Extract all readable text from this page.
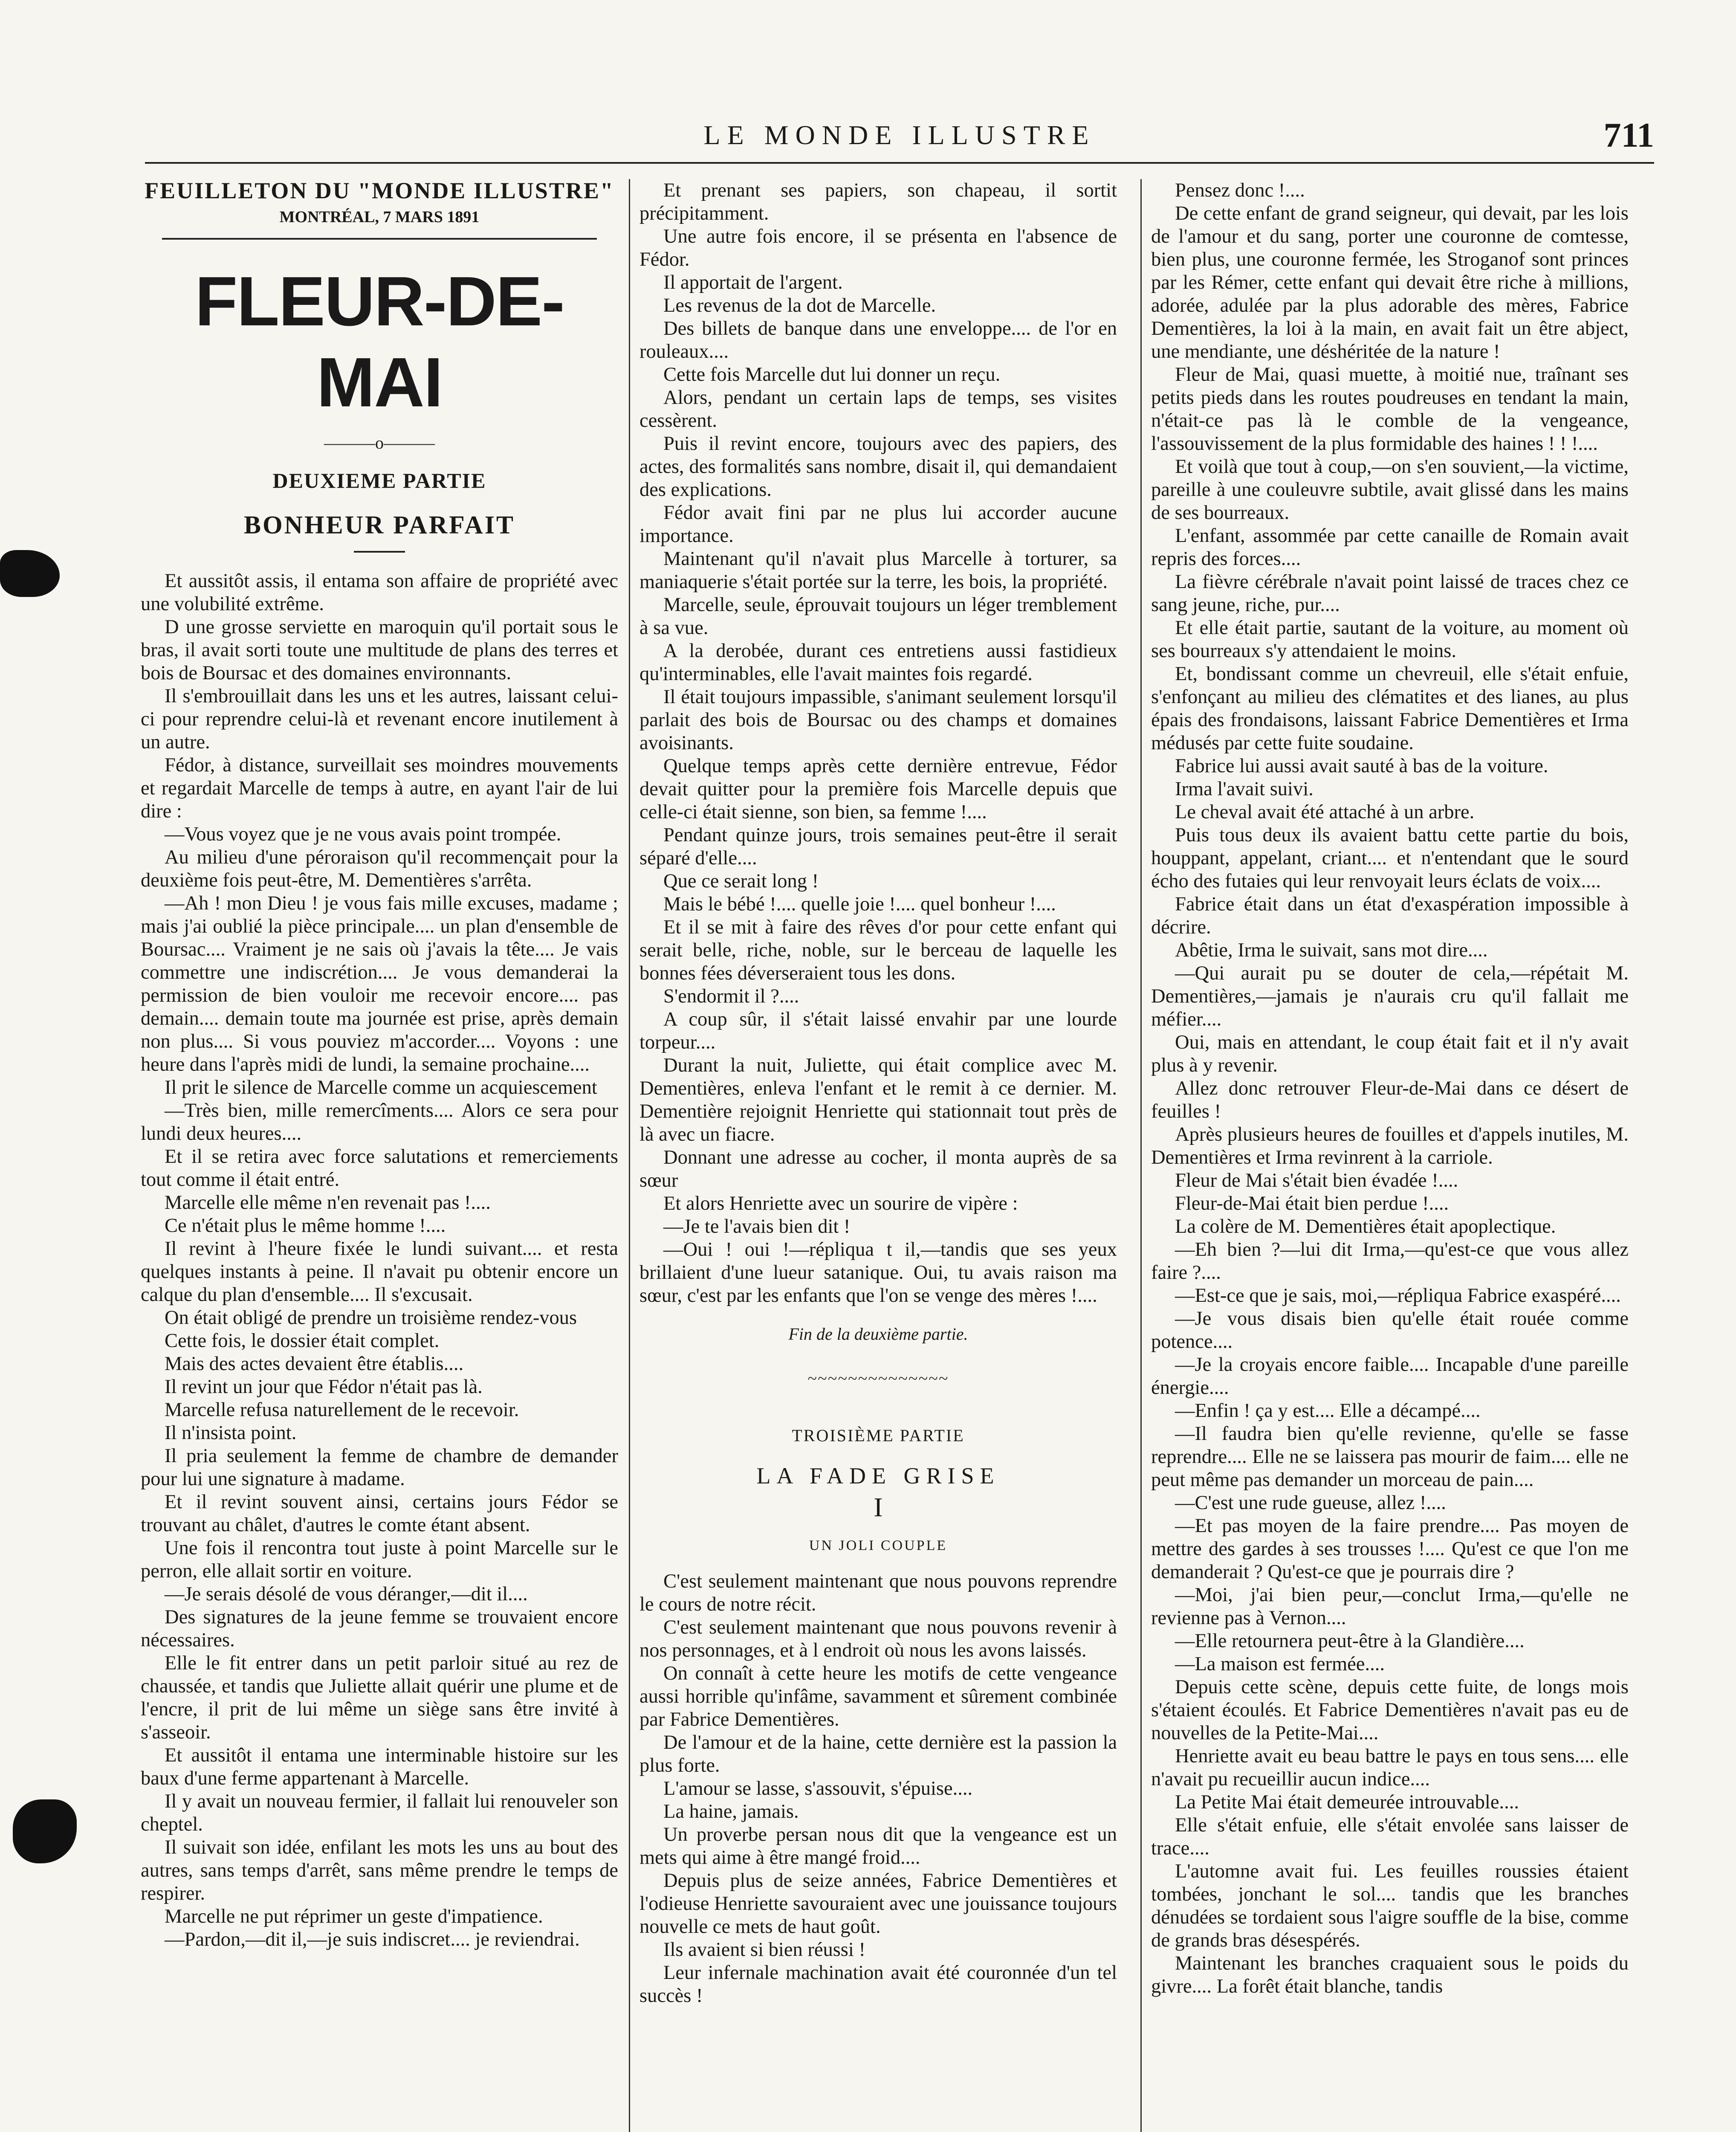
LE MONDE ILLUSTRE	711
FEUILLETON DU "MONDE ILLUSTRE"
MONTRÉAL, 7 MARS 1891
FLEUR-DE-MAI
———o———
DEUXIEME PARTIE
BONHEUR PARFAIT

Et aussitôt assis, il entama son affaire de propriété avec une volubilité extrême.

D une grosse serviette en maroquin qu'il portait sous le bras, il avait sorti toute une multitude de plans des terres et bois de Boursac et des domaines environnants.

Il s'embrouillait dans les uns et les autres, laissant celui-ci pour reprendre celui-là et revenant encore inutilement à un autre.

Fédor, à distance, surveillait ses moindres mouvements et regardait Marcelle de temps à autre, en ayant l'air de lui dire :

—Vous voyez que je ne vous avais point trompée.

Au milieu d'une péroraison qu'il recommençait pour la deuxième fois peut-être, M. Dementières s'arrêta.

—Ah ! mon Dieu ! je vous fais mille excuses, madame ; mais j'ai oublié la pièce principale.... un plan d'ensemble de Boursac.... Vraiment je ne sais où j'avais la tête.... Je vais commettre une indiscrétion.... Je vous demanderai la permission de bien vouloir me recevoir encore.... pas demain.... demain toute ma journée est prise, après demain non plus.... Si vous pouviez m'accorder.... Voyons : une heure dans l'après midi de lundi, la semaine prochaine....

Il prit le silence de Marcelle comme un acquiescement

—Très bien, mille remercîments.... Alors ce sera pour lundi deux heures....

Et il se retira avec force salutations et remerciements tout comme il était entré.

Marcelle elle même n'en revenait pas !....

Ce n'était plus le même homme !....

Il revint à l'heure fixée le lundi suivant.... et resta quelques instants à peine. Il n'avait pu obtenir encore un calque du plan d'ensemble.... Il s'excusait.

On était obligé de prendre un troisième rendez-vous

Cette fois, le dossier était complet.

Mais des actes devaient être établis....

Il revint un jour que Fédor n'était pas là.

Marcelle refusa naturellement de le recevoir.

Il n'insista point.

Il pria seulement la femme de chambre de demander pour lui une signature à madame.

Et il revint souvent ainsi, certains jours Fédor se trouvant au châlet, d'autres le comte étant absent.

Une fois il rencontra tout juste à point Marcelle sur le perron, elle allait sortir en voiture.

—Je serais désolé de vous déranger,—dit il....

Des signatures de la jeune femme se trouvaient encore nécessaires.

Elle le fit entrer dans un petit parloir situé au rez de chaussée, et tandis que Juliette allait quérir une plume et de l'encre, il prit de lui même un siège sans être invité à s'asseoir.

Et aussitôt il entama une interminable histoire sur les baux d'une ferme appartenant à Marcelle.

Il y avait un nouveau fermier, il fallait lui renouveler son cheptel.

Il suivait son idée, enfilant les mots les uns au bout des autres, sans temps d'arrêt, sans même prendre le temps de respirer.

Marcelle ne put réprimer un geste d'impatience.

—Pardon,—dit il,—je suis indiscret.... je reviendrai.

Et prenant ses papiers, son chapeau, il sortit précipitamment.

Une autre fois encore, il se présenta en l'absence de Fédor.

Il apportait de l'argent.

Les revenus de la dot de Marcelle.

Des billets de banque dans une enveloppe.... de l'or en rouleaux....

Cette fois Marcelle dut lui donner un reçu.

Alors, pendant un certain laps de temps, ses visites cessèrent.

Puis il revint encore, toujours avec des papiers, des actes, des formalités sans nombre, disait il, qui demandaient des explications.

Fédor avait fini par ne plus lui accorder aucune importance.

Maintenant qu'il n'avait plus Marcelle à torturer, sa maniaquerie s'était portée sur la terre, les bois, la propriété.

Marcelle, seule, éprouvait toujours un léger tremblement à sa vue.

A la derobée, durant ces entretiens aussi fastidieux qu'interminables, elle l'avait maintes fois regardé.

Il était toujours impassible, s'animant seulement lorsqu'il parlait des bois de Boursac ou des champs et domaines avoisinants.

Quelque temps après cette dernière entrevue, Fédor devait quitter pour la première fois Marcelle depuis que celle-ci était sienne, son bien, sa femme !....

Pendant quinze jours, trois semaines peut-être il serait séparé d'elle....

Que ce serait long !

Mais le bébé !.... quelle joie !.... quel bonheur !....

Et il se mit à faire des rêves d'or pour cette enfant qui serait belle, riche, noble, sur le berceau de laquelle les bonnes fées déverseraient tous les dons.

S'endormit il ?....

A coup sûr, il s'était laissé envahir par une lourde torpeur....

Durant la nuit, Juliette, qui était complice avec M. Dementières, enleva l'enfant et le remit à ce dernier. M. Dementière rejoignit Henriette qui stationnait tout près de là avec un fiacre.

Donnant une adresse au cocher, il monta auprès de sa sœur

Et alors Henriette avec un sourire de vipère :

—Je te l'avais bien dit !

—Oui ! oui !—répliqua t il,—tandis que ses yeux brillaient d'une lueur satanique. Oui, tu avais raison ma sœur, c'est par les enfants que l'on se venge des mères !....

Fin de la deuxième partie.
~~~~~~~~~~~~~~
TROISIÈME PARTIE
LA FADE GRISE
I
UN JOLI COUPLE

C'est seulement maintenant que nous pouvons reprendre le cours de notre récit.

C'est seulement maintenant que nous pouvons revenir à nos personnages, et à l endroit où nous les avons laissés.

On connaît à cette heure les motifs de cette vengeance aussi horrible qu'infâme, savamment et sûrement combinée par Fabrice Dementières.

De l'amour et de la haine, cette dernière est la passion la plus forte.

L'amour se lasse, s'assouvit, s'épuise....

La haine, jamais.

Un proverbe persan nous dit que la vengeance est un mets qui aime à être mangé froid....

Depuis plus de seize années, Fabrice Dementières et l'odieuse Henriette savouraient avec une jouissance toujours nouvelle ce mets de haut goût.

Ils avaient si bien réussi !

Leur infernale machination avait été couronnée d'un tel succès !

Pensez donc !....

De cette enfant de grand seigneur, qui devait, par les lois de l'amour et du sang, porter une couronne de comtesse, bien plus, une couronne fermée, les Stroganof sont princes par les Rémer, cette enfant qui devait être riche à millions, adorée, adulée par la plus adorable des mères, Fabrice Dementières, la loi à la main, en avait fait un être abject, une mendiante, une déshéritée de la nature !

Fleur de Mai, quasi muette, à moitié nue, traînant ses petits pieds dans les routes poudreuses en tendant la main, n'était-ce pas là le comble de la vengeance, l'assouvissement de la plus formidable des haines ! ! !....

Et voilà que tout à coup,—on s'en souvient,—la victime, pareille à une couleuvre subtile, avait glissé dans les mains de ses bourreaux.

L'enfant, assommée par cette canaille de Romain avait repris des forces....

La fièvre cérébrale n'avait point laissé de traces chez ce sang jeune, riche, pur....

Et elle était partie, sautant de la voiture, au moment où ses bourreaux s'y attendaient le moins.

Et, bondissant comme un chevreuil, elle s'était enfuie, s'enfonçant au milieu des clématites et des lianes, au plus épais des frondaisons, laissant Fabrice Dementières et Irma médusés par cette fuite soudaine.

Fabrice lui aussi avait sauté à bas de la voiture.

Irma l'avait suivi.

Le cheval avait été attaché à un arbre.

Puis tous deux ils avaient battu cette partie du bois, houppant, appelant, criant.... et n'entendant que le sourd écho des futaies qui leur renvoyait leurs éclats de voix....

Fabrice était dans un état d'exaspération impossible à décrire.

Abêtie, Irma le suivait, sans mot dire....

—Qui aurait pu se douter de cela,—répétait M. Dementières,—jamais je n'aurais cru qu'il fallait me méfier....

Oui, mais en attendant, le coup était fait et il n'y avait plus à y revenir.

Allez donc retrouver Fleur-de-Mai dans ce désert de feuilles !

Après plusieurs heures de fouilles et d'appels inutiles, M. Dementières et Irma revinrent à la carriole.

Fleur de Mai s'était bien évadée !....

Fleur-de-Mai était bien perdue !....

La colère de M. Dementières était apoplectique.

—Eh bien ?—lui dit Irma,—qu'est-ce que vous allez faire ?....

—Est-ce que je sais, moi,—répliqua Fabrice exaspéré....

—Je vous disais bien qu'elle était rouée comme potence....

—Je la croyais encore faible.... Incapable d'une pareille énergie....

—Enfin ! ça y est.... Elle a décampé....

—Il faudra bien qu'elle revienne, qu'elle se fasse reprendre.... Elle ne se laissera pas mourir de faim.... elle ne peut même pas demander un morceau de pain....

—C'est une rude gueuse, allez !....

—Et pas moyen de la faire prendre.... Pas moyen de mettre des gardes à ses trousses !.... Qu'est ce que l'on me demanderait ? Qu'est-ce que je pourrais dire ?

—Moi, j'ai bien peur,—conclut Irma,—qu'elle ne revienne pas à Vernon....

—Elle retournera peut-être à la Glandière....

—La maison est fermée....

Depuis cette scène, depuis cette fuite, de longs mois s'étaient écoulés. Et Fabrice Dementières n'avait pas eu de nouvelles de la Petite-Mai....

Henriette avait eu beau battre le pays en tous sens.... elle n'avait pu recueillir aucun indice....

La Petite Mai était demeurée introuvable....

Elle s'était enfuie, elle s'était envolée sans laisser de trace....

L'automne avait fui. Les feuilles roussies étaient tombées, jonchant le sol.... tandis que les branches dénudées se tordaient sous l'aigre souffle de la bise, comme de grands bras désespérés.

Maintenant les branches craquaient sous le poids du givre.... La forêt était blanche, tandis
